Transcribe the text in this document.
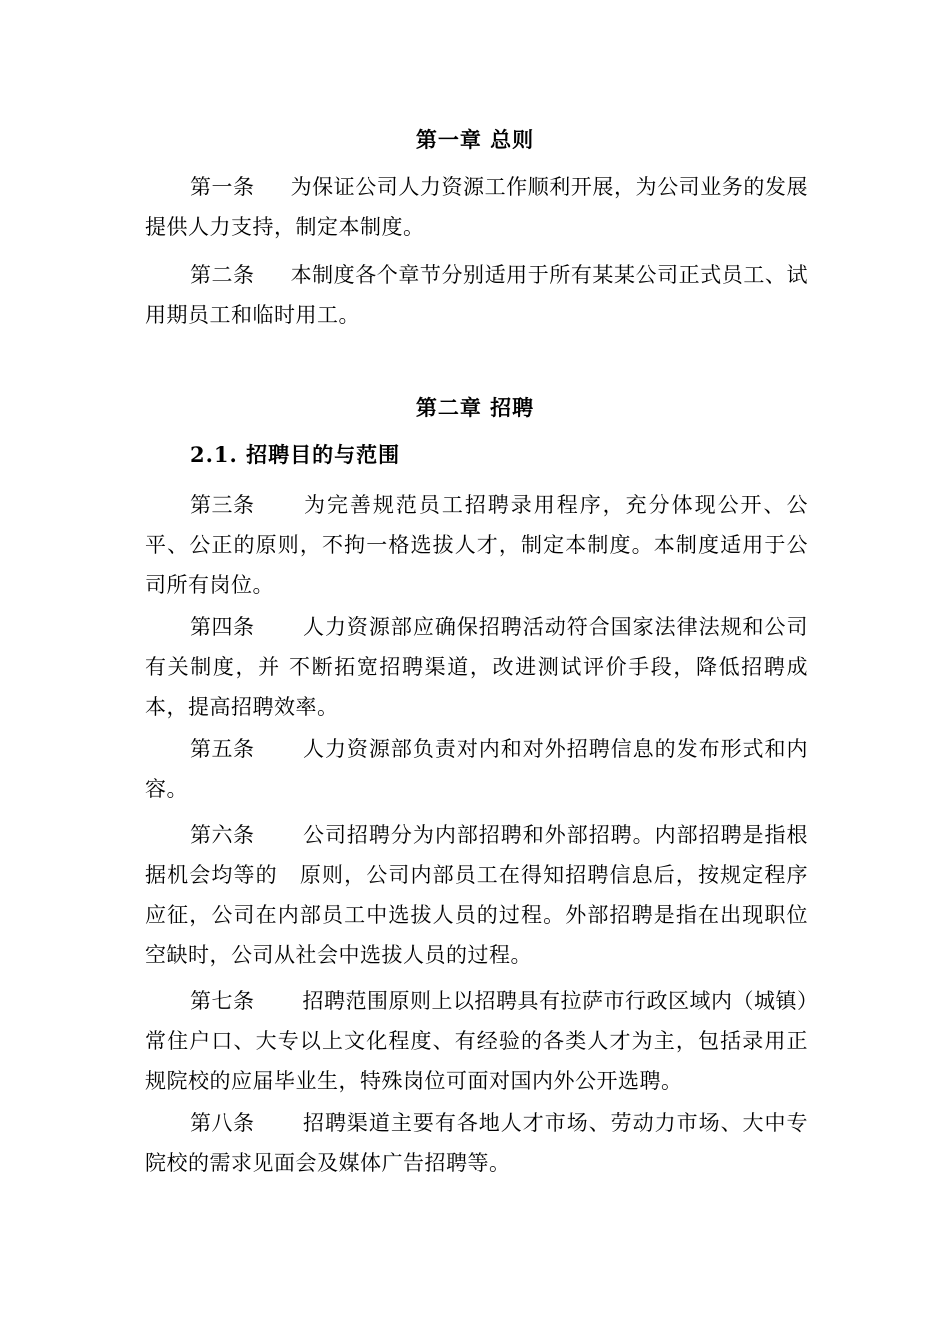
第一章 总则
第一条 为保证公司人力资源工作顺利开展，为公司业务的发展提供人力支持，制定本制度。
第二条 本制度各个章节分别适用于所有某某公司正式员工、试用期员工和临时用工。
第二章 招聘
2.1. 招聘目的与范围
第三条 为完善规范员工招聘录用程序，充分体现公开、公平、公正的原则，不拘一格选拔人才，制定本制度。本制度适用于公司所有岗位。
第四条 人力资源部应确保招聘活动符合国家法律法规和公司有关制度，并 不断拓宽招聘渠道，改进测试评价手段，降低招聘成本，提高招聘效率。
第五条 人力资源部负责对内和对外招聘信息的发布形式和内容。
第六条 公司招聘分为内部招聘和外部招聘。内部招聘是指根据机会均等的　原则，公司内部员工在得知招聘信息后，按规定程序应征，公司在内部员工中选拔人员的过程。外部招聘是指在出现职位空缺时，公司从社会中选拔人员的过程。
第七条 招聘范围原则上以招聘具有拉萨市行政区域内（城镇）常住户口、大专以上文化程度、有经验的各类人才为主，包括录用正规院校的应届毕业生，特殊岗位可面对国内外公开选聘。
第八条 招聘渠道主要有各地人才市场、劳动力市场、大中专院校的需求见面会及媒体广告招聘等。
